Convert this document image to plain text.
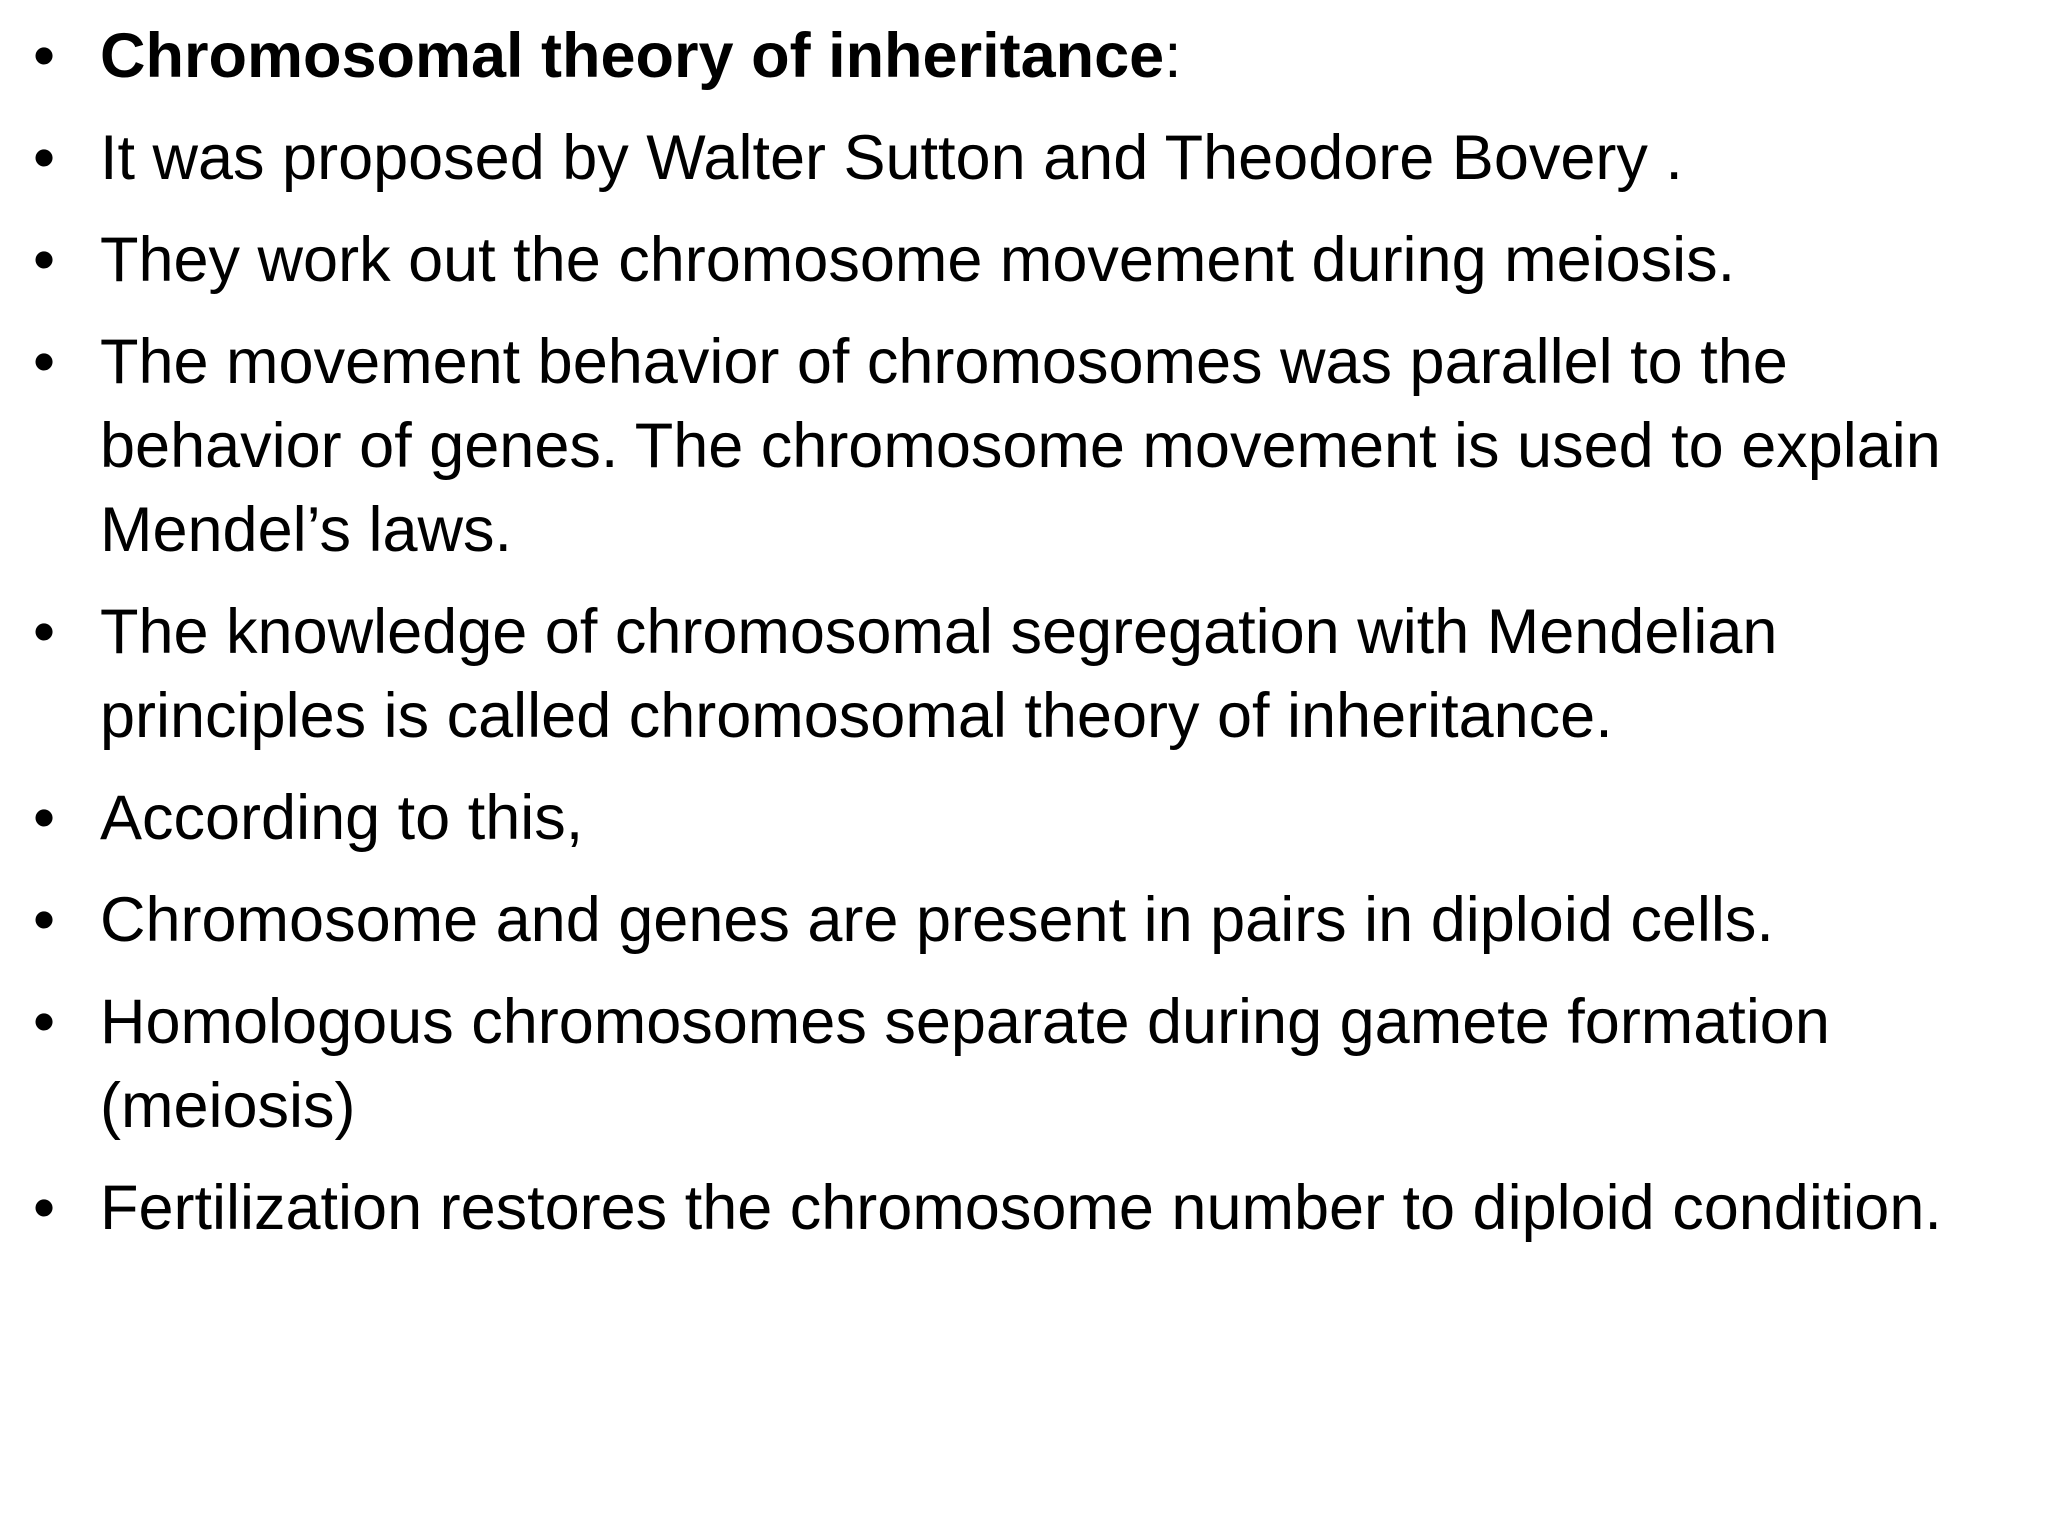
• Chromosomal theory of inheritance:
• It was proposed by Walter Sutton and Theodore Bovery .
• They work out the chromosome movement during meiosis.
• The movement behavior of chromosomes was parallel to the behavior of genes. The chromosome movement is used to explain Mendel’s laws.
• The knowledge of chromosomal segregation with Mendelian principles is called chromosomal theory of inheritance.
• According to this,
• Chromosome and genes are present in pairs in diploid cells.
• Homologous chromosomes separate during gamete formation (meiosis)
• Fertilization restores the chromosome number to diploid condition.
